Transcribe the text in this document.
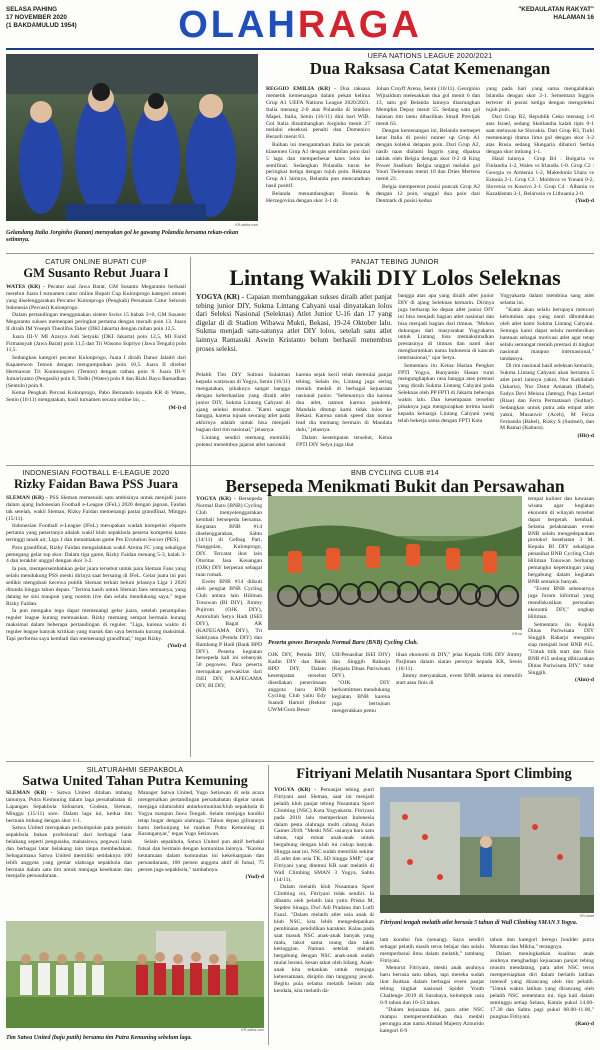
SELASA PAHING
17 NOVEMBER 2020
(1 BAKDAMULUD 1954)	OLAHRAGA	"KEDAULATAN RAKYAT"
HALAMAN 16
KR-safira.com
Gelandang Italia Jorginho (kanan) merayakan gol ke gawang Polandia bersama rekan-rekan setimnya.
UEFA NATIONS LEAGUE 2020/2021
Dua Raksasa Catat Kemenangan

REGGIO EMILIA (KR) - Dua raksasa memetik kemenangan dalam pekan kelima Grup A1 UEFA Nations League 2020/2021. Italia menang 2-0 atas Polandia di Stadion Mapei, Italia, Senin (16/11) dini hari WIB. Gol Italia disumbangkan Jorginho menit 27 melalui eksekusi penalti dan Domenico Berardi menit 83.

Raihan ini mengantarkan Italia ke puncak klasemen Grup A1 dengan sembilan poin dari 5 laga dan memperbesar kans lolos ke semifinal. Sedangkan Polandia turun ke peringkat ketiga dengan tujuh poin. Rekrasa Grup A1 lainnya, Belanda pun mencatatkan hasil positif.

Belanda menumbangkan Bosnia & Herzegovina dengan skor 3-1 di

Johan Cruyff Arena, Senin (16/11). Georginio Wijnaldum melesakkan dua gol menit 6 dan 13, satu gol Belanda lainnya disarungkan Memphis Depay menit 55. Sedang satu gol balasan tim tamu dihasilkan Smail Prevljak menit 63.

Dengan kemenangan ini, Belanda memepet ketat Italia di posisi runner up Grup A1 dengan koleksi delapan poin. Dari Grup A2, nasib naas dialami Inggris yang dipaksa takluk oleh Belgia dengan skor 0-2 di King Power Stadium. Belgia unggul melalui gol Youri Tielemans menit 10 dan Dries Mertens menit 23.

Belgia mempererat posisi puncak Grup A2 dengan 12 poin, unggul dua poin dari Denmark di posisi kedua

yang pada hari yang sama mengalahkan Islandia dengan skor 2-1. Sementara Inggris tertexer di posisi ketiga dengan mengoleksi tujuh poin.

Dari Grup B2, Republik Ceko menang 1-0 atas Israel, sedang Skotlandia kalah tipis 0-1 saat melawan ke Slovakia. Dari Grup B3, Turki memenangi drama lima gol dengan skor 3-2 atas Rusia sedang Hungaria dihaturi Serbia dengan skor imbang 1-1.

Hasil lainnya : Grup B4 : Bulgaria vs Finlandia 1-2, Wales vs Irlandia 1-0. Grup C2 : Georgia vs Armenia 1-2, Makedonia Utara vs Estonia 2-1. Grup C3 : Moldova vs Yunani 0-2, Slovenia vs Kosovo 2-1. Grup C4 : Albania vs Kazakhstan 3-1, Belarusia vs Lithuania 2-0.

(Yud)-d
CATUR ONLINE BUPATI CUP
GM Susanto Rebut Juara I

WATES (KR) - Pecatur asal Jawa Barat, GM Susanto Megaranto berhasil merebut Juara I turnamen catur online Bupati Cup Kulonprogo kategori umum yang diselenggarakan Percatur Kulonprogo (Pengkab) Persatuan Catur Seluruh Indonesia (Percasi) Kulonprogo.

Dalam pertandingan menggunakan sistem Swiss 15 babak 3+0, GM Susanto Megaranto sukses memenpati peringkat pertama dengan meraih poin 13. Juara II diraih IM Yoseph Theolifus Taher (DKI Jakarta) dengan raihan poin 12,5.

Juara III-V MI Azarya Jodi Setyaki (DKI Jakarta) poin 12,5, MI Farid Firmansyah (Jawa Barat) poin 11,5 dan Tri Wasono Supriyo (Jawa Tengah) poin 11,5.

Sedangkan kategori pecatur Kulonprogo, Juara I diraih Danur Jaladri dari Kapanewon Temon dengan mengumpulkan poin 10,5. Juara II direbut Hermawan Tri Kuntonugoro (Temon) dengan raihan poin 8. Juara III-V Jumariyanto (Pengasih) poin 8, Tedhi (Wates) poin 8 dan Rizki Bayu Ramadhan (Sentolo) poin 8.

Ketua Pengkab Percasi Kulonprogo, Pabo Bernando kepada KR di Wates, Senin (16/11) mengatakan, hasil turnamen secara online ini, ...

(M-i)-d
PANJAT TEBING JUNIOR
Lintang Wakili DIY Lolos Seleknas
YOGYA (KR) - Capaian membanggakan sukses diraih atlet panjat tebing junior DIY, Sukma Lintang Cahyani usai dinyatakan lolos dari Seleksi Nasional (Seleknas) Atlet Junior U-16 dan 17 yang digelar di di Stadion Wibawa Mukti, Bekasi, 19-24 Oktober lalu. Sukma menjadi satu-satunya atlet DIY lolos, setelah satu atlet lainnya Ramasuki Aswin Kristanto belum berhasil menembus proses seleksi.

Pelatih Tim DIY Sultoni Sulaiman kepada wartawan di Yogya, Senin (16/11) mengatakan, pihaknya sangat bangga dengan keberhasilan yang diraih atlet junior DIY, Sukma Lintang Cahyani di ajang seleksi tersebut. "Kami sangat bangga, karena tujuan seorang atlet pada akhirnya adalah untuk bisa menjadi bagian dari tim nasional," jelasnya.

Lintang sendiri memang memiliki potensi menembus jajaran atlet nasional

karena sejak kecil telah memulai panjat tebing. Selain itu, Lintang juga sering meraih medali di berbagai kejuaraan nasional junior. "Sebenarnya dia karena dua atlet, namun karena pandemi, Mandala ditutup kami tidak lolos ke Bekasi. Karena untuk speed dan nomor lead dia memang bermain di Mandala dulu," jelasnya.

Dalam kesempatan tersebut, Ketua FPTI DIY Setya juga ikut

bangga atas apa yang diraih atlet junior DIY di ajang Seleknas kemarin. Dirinya juga berharap ke depan atlet junior DIY ini bisa menjadi bagian atlet nasional dan bisa menjadi bagian dari timnas. "Mohon dukungan dari masyarakat Yogyakarta untuk Lintang bisa memaksimalkan prestasinya di timnas dan nanti ikut mengharumkan nama Indonesia di kancah internasional," ujar Setya.

Sementara itu Ketua Harian Pengkot FPTI Yogya, Bunyamin Hasan turut mengungkapkan rasa bangga atas prestasi yang diraih Sukma Lintang Cahyani pada Seleknas oleh PP FPTI di Jakarta beberapa waktu lalu. Dan kesempatan tersebut pihaknya juga mengucapkan terima kasih kepada keluarga Lintang Cahyani yang telah bekerja sama dengan FPTI Kota

Yogyakarta dalam membina sang atlet selama ini.

"Kami akan selalu berupaya mencari kebutuhan apa yang nanti dibutuhkan oleh atlet kami Sukma Lintang Cahyani. Semoga kami dapat selalu memberikan bantuan sebagai motivasi atlet agar tetap selalu semangat meraih prestasi di tingkat nasional maupun internasional," tandasnya.

Di tim nasional hasil seleksan kemarin, Sukma Lintang Cahyani akan bersama 5 atlet putri lainnya yakni, Nur Kabilabah (Jakarta), Nur Datur Amanah (Babel), Fadya Devi Meisza (Jateng), Puja Lestari (Riau) dan Ferra Permatasari (Sulbar). Sedangkan untuk putra ada empat atlet yakni, Musauwir (Aceh), M Ferza Fernanda (Babel), Rizky S (Sumsel), dan M Ramai (Kaltara).

(Hit)-d
INDONESIAN FOOTBALL E-LEAGUE 2020
Rizky Faidan Bawa PSS Juara

SLEMAN (KR) - PSS Sleman memenuhi satu ambisinya untuk menjadi juara dalam ajang Indonesian Football e-League (IFeL) 2020 dengan jagoan, Faidan tak setelah, wakil Sleman, Rizky Faidan memenangi partai grandfinal, Minggu (15/11).

Indonesian Football e-League (IFeL) merupakan wadah kompetisi eSports pertama yang pesertanya adalah wakil klub sepakbola peserta kompetisi kasta tertinggi tanah air, Liga 1 dan menamakan game Pro Evolution Soccer (PES).

Para grandfinal, Rizky Faidan mengalahkan wakil Arema FC yang sekaligus pemegang gelar top skor. Dalam tiga game, Rizky Faidan menang 5-3, kalah 3-4 dan terakhir unggul dengan skor 3-2.

Ia pun, mempersembahkan gelar juara tersebut untuk para Sleman Fans yang selalu mendukung PSS meski dirinya saat bersaing di IFeL. Gelar juara ini pun sedikit mengobati kecewa publik Sleman terkait belum jelasnya Liga 1 2020 ditunda hingga tahun depan. "Terima kasih untuk Sleman fans semuanya, yang datang ke sini maupun yang nonton live dan selalu mendukung saya," tegas Rizky Faidan.

Ia pun mengaku tega dapat memenangi gelar juara, setelah penampilan reguler league kurang memuaskan. Rizky memang sempat bermain kurang maksimal dalam beberapa pertandingan di reguler. "Liga, kurena waktu di reguler league banyak kritikan yang masuk dan saya bermain kurang maksimal. Tapi performa saya kembali dan memenangi grandfinal," tegas Rizky.

(Yud)-d
BNB CYCLING CLUB #14
Bersepeda Menikmati Bukit dan Persawahan

YOGYA (KR) - Bersepeda Normal Baru (BNB) Cycling Club menyelenggarakan kembali bersepeda bersama. Kegiatan BNB #14 diselenggarakan, Sabtu (14/11) di Gelbag Pari, Nanggulan, Kulonprogo, DIY. Tercatat ikut lain Otoritas Jasa Keuangan (OJK) DIY berperan sebagai tuan rumah.

Event BNB #14 diikuti oleh pengiat BNB Cycling Club antara lain Hiliman Tonowan (BI DIY), Jimmy Pujirom (OJK DIY), Amirullah Setya Hadi (ISEI DIY), Bagat AR (KAFEGAMA DIY), Tri Saktiyana (Pemda DIY) dan Bambang P Hadi (Bank BPD DIY). Peserta kegiatan bersepeda kali ini sebanyak 50 pegowes. Para peserta merupakan perwakilan dari ISEI DIY, KAFEGAMA DIY, BI DIY,

KR-ist
Peserta gowes Bersepeda Normal Baru (BNB) Cycling Club.

OJK DIY, Pemda DIY, Kadin DIY dan Bank BPD DIY. Dalam kesempatan tersebut disediakan penerimaan anggota baru BNB Cycling Club yaitu Edy Suandi Hamid (Rektor UWM/Guru Besar

UII/Penasihat ISEI DIY) dan Singgih Raharjo (Kepala Dinas Pariwisata DIY).

"OJK DIY berkomitmen mendukung kegiatan BNB karena juga bertujuan mengerakkan pemu

lihan ekonomi di DIY," jelas Kepala OJK DIY Jimmy Parjiman dalam siaran persnya kepada KR, Senin (16/11).

Jimmy menyatakan, event BNB selama ini memilih start atau finis di

tempat kuliner dan kawasan wisata agar kegiatan ekonomi di wilayah tersebut dapat bergerak kembali. Selama pelaksanaan event BNB selalu mengedepankan protokol kesehatan 3 M. Kepala BI DIY sekaligus penasihat BNB Cycling Club Hiliman Tonowan berharap pemangku kepentingan yang bergabung dalam kegiatan BNB semakin banyak.

"Event BNB sebenarnya juga forum informal yang mendiskusikan persoalan ekonomi DIY," ungkap Hiliman.

Sementara itu Kepala Dinas Pariwisata DIY Singgih Raharjo mengaku siap menjadi host BNB #15. "Untuk titik start dan finis BNB #15 sedang dibicarakan Dinas Pariwisata DIY," tutur Singgih.

(Ahn)-d
SILATURAHMI SEPAKBOLA
Satwa United Tahan Putra Kemuning

SLEMAN (KR) - Satwa United ditahan imbang tamunya, Putra Kemuning dalam laga persahabatan di Lapangan Sepakbola Sidoarum, Godean, Sleman, Minggu (15/11) sore. Dalam laga ini, kedua tim bermain imbang dengan skor 1-1.

Satwa United merupakan perkumpulan para pemain sepakbola bukan profesional dari berbagai latar belakang seperti pengusaha, mahasiswa, pegawai bank dan berbagai latar belakang lain tanpa membedakan. Sebagaimana Satwa United memiliki setidaknya 100 lebih anggota yang gemar olahraga sepakbola dan bermain dalam satu tim untuk menjaga kesehatan dan menjalin persaudaraan.

Manager Satwa United, Yugo Setiawan di sela acara mengenalkan pertandingan persahabatan digelar untuk menjaga silaturahmi antarkomunitas/klub sepakbola di Yogya maupun Jawa Tengah. Selain menjaga kondisi tetap bugar dengan olahraga. "Tahun depan gilirannya kami berkunjung ke markas Putra Kemuning di Karanganyar," tegas Yugo Setiawan.

Selain sepakbola, Satwa United pun aktif berbakti futsal dan bermain dengan komunitas lainnya. "Karena keutamaan dalam komunitas ini kekeluargaan dan persaudaraan, 100 persen anggota aktif di futsal, 75 persen juga sepakbola," tambahnya.

(Yud)-d
KR-safira.com
Tim Satwa United (baju putih) bersama tim Putra Kemuning sebelum laga.
Fitriyani Melatih Nusantara Sport Climbing

YOGYA (KR) - Pemanjat tebing putri Fitriyani asal Sleman, saat ini menjadi pelatih klub panjat tebing Nusantara Sport Climbing (NSC) Kota Yogyakarta. Fitriyani pada 2018 lalu memperkuat Indonesia dalam pesta olahraga multi cabang Asian Games 2018. "Meski NSC usianya baru satu tahun, tapi minat anak-anak untuk bergabung dengan klub ini cukup banyak. Hingga saat ini, NSC sudah memiliki sekitar 45 atlet dan usia TK, SD hingga SMP," ujar Fitriyani yang ditemui KR saat melatih di Wall Climbing SMAN 3 Yogya, Sabtu (14/11).

Dalam melatih klub Nusantara Sport Climbing ini, Fitriyani tidak sendiri. Ia dibantu oleh pelatih lain yaitu Priska M, Sepdeo Sinaga, Dwi Adi Pradana dan Lutfi Fauzi. "Dalam melatih atlet usia anak di klub NSC, kita lebih mengedepankan pembinaan pendidikan karakter. Kalau pada saat masuk NSC anak-anak banyak yang malu, takut sama orang dan takut ketinggian. Namun setelah melatih bergabung dengan NSC anak-anak sudah mulai berani, kesan takut oleh hilang. Anak-anak kita tekankan untuk menjaga kebersamaan, disiplin dan tanggung jawab. Begitu pula selama melatih belum ada kendala, kita melatih da-

KR-idrad
Fitriyani tengah melatih atlet berusia 5 tahun di Wall Climbing SMAN 3 Yogya.

lam kondisi fun (senang). Saya sendiri sebagai pelatih masih terus belajar dan selalu memperbarui ilmu dalam melatih," tambang Fitriyani.

Menurut Fitriyani, meski anak asuhnya baru berusia satu tahun, tapi mereka sudah ikut ikutkan dalam berbagai event panjat tebing tingkat nasional Spider Youth Challenge 2019 di Surabaya, kelompok usia 6-9 tahun dan 10-13 tahun.

"Dalam kejuaraan ini, para atlet NSC mampu mempersembahkan dua medali perunggu atas nama Ahmad Majesty Aznurido kategori 6-9

tahun dan kategori beregu boulder putra Mumtaz dan Mikha," terangnya.

Dalam meningkatkan kualitas anak asuhnya menghadapi kejuaraan panjat tebing musim mendatang, para atlet NSC terus mempersiapkan diri dalam berlatih latihan intensif yang dirancang oleh tim pelatih. "Untuk waktu latihan yang dirancang oleh pelatih NSC sementara ini, tiga kali dalam seminggu setiap Selasa, Kamis pukul 14.00-17.30 dan Sabtu pagi pukul 08.00-11.00," pungkas Fitriyani.

(Ran)-d
